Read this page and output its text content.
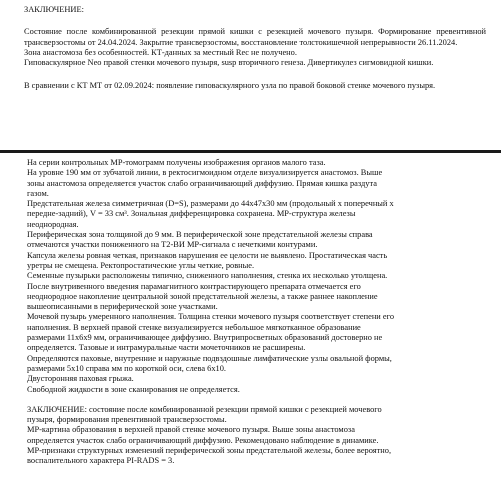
ЗАКЛЮЧЕНИЕ:

Состояние после комбинированной резекции прямой кишки с резекцией мочевого пузыря. Формирование превентивной трансверзостомы от 24.04.2024. Закрытие трансверзостомы, восстановление толстокишечной непрерывности 26.11.2024.

Зона анастомоза без особенностей. КТ-данных за местный Rec не получено.

Гиповаскулярное Neo правой стенки мочевого пузыря, susp вторичного генеза. Дивертикулез сигмовидной кишки.

В сравнении с КТ МТ от 02.09.2024: появление гиповаскулярного узла по правой боковой стенке мочевого пузыря.

На серии контрольных МР-томограмм получены изображения органов малого таза.

На уровне 190 мм от зубчатой линии, в ректосигмоидном отделе визуализируется анастомоз. Выше

зоны анастомоза определяется участок слабо ограничивающий диффузию. Прямая кишка раздута

газом.

Предстательная железа симметричная (D=S), размерами до 44х47х30 мм (продольный х поперечный х

передне-задний), V = 33 см³. Зональная дифференцировка сохранена. МР-структура железы

неоднородная.

Периферическая зона толщиной до 9 мм. В периферической зоне предстательной железы справа

отмечаются участки пониженного на Т2-ВИ МР-сигнала с нечеткими контурами.

Капсула железы ровная четкая, признаков нарушения ее целости не выявлено. Простатическая часть

уретры не смещена. Ректопростатические углы четкие, ровные.

Семенные пузырьки расположены типично, сниженного наполнения, стенка их несколько утолщена.

После внутривенного введения парамагнитного контрастирующего препарата отмечается его

неоднородное накопление центральной зоной предстательной железы, а также раннее накопление

вышеописанными в периферической зоне участками.

Мочевой пузырь умеренного наполнения. Толщина стенки мочевого пузыря соответствует степени его

наполнения. В верхней правой стенке визуализируется небольшое мягкотканное образование

размерами 11х6х9 мм, ограничивающее диффузию. Внутрипросветных образований достоверно не

определяется. Тазовые и интрамуральные части мочеточников не расширены.

Определяются паховые, внутренние и наружные подвздошные лимфатические узлы овальной формы,

размерами 5х10 справа мм по короткой оси, слева 6х10.

Двусторонняя паховая грыжа.

Свободной жидкости в зоне сканирования не определяется.

ЗАКЛЮЧЕНИЕ: состояние после комбинированной резекции прямой кишки с резекцией мочевого

пузыря, формирования превентивной трансверзостомы.

МР-картина образования в верхней правой стенке мочевого пузыря. Выше зоны анастомоза

определяется участок слабо ограничивающий диффузию. Рекомендовано наблюдение в динамике.

МР-признаки структурных изменений периферической зоны предстательной железы, более вероятно,

воспалительного характера PI-RADS = 3.
